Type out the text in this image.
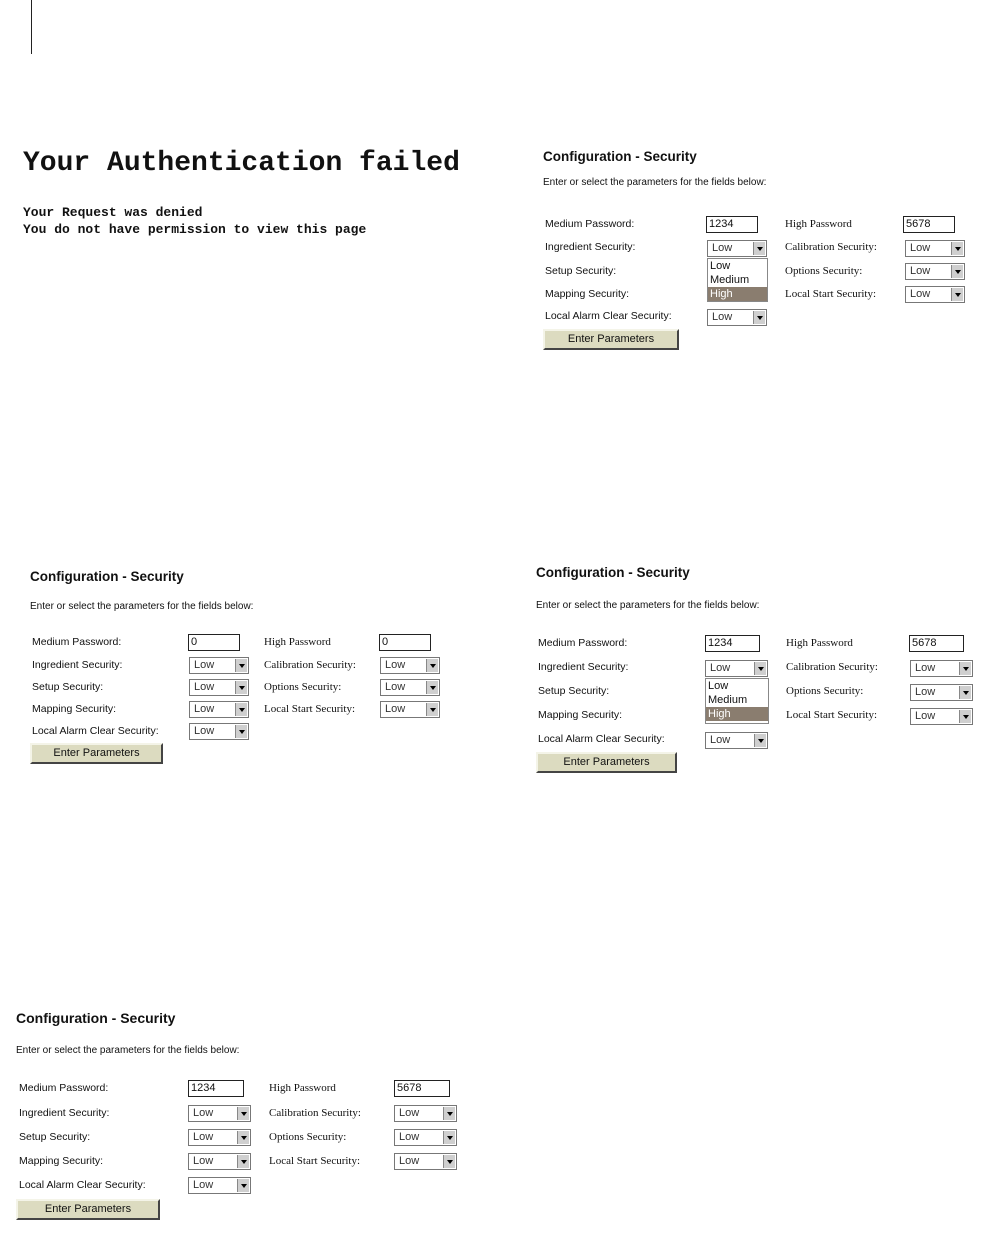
Your Authentication failed
Your Request was denied
You do not have permission to view this page
Configuration - Security
Enter or select the parameters for the fields below:
Medium Password:
Ingredient Security:
Setup Security:
Mapping Security:
Local Alarm Clear Security:
1234
Low
Low
Medium
High
Low
High Password
Calibration Security:
Options Security:
Local Start Security:
5678
Low
Low
Low
Enter Parameters
Configuration - Security
Enter or select the parameters for the fields below:
Medium Password:
Ingredient Security:
Setup Security:
Mapping Security:
Local Alarm Clear Security:
0
Low
Low
Low
Low
High Password
Calibration Security:
Options Security:
Local Start Security:
0
Low
Low
Low
Enter Parameters
Configuration - Security
Enter or select the parameters for the fields below:
Medium Password:
Ingredient Security:
Setup Security:
Mapping Security:
Local Alarm Clear Security:
1234
Low
Low
Medium
High
Low
High Password
Calibration Security:
Options Security:
Local Start Security:
5678
Low
Low
Low
Enter Parameters
Configuration - Security
Enter or select the parameters for the fields below:
Medium Password:
Ingredient Security:
Setup Security:
Mapping Security:
Local Alarm Clear Security:
1234
Low
Low
Low
Low
High Password
Calibration Security:
Options Security:
Local Start Security:
5678
Low
Low
Low
Enter Parameters
